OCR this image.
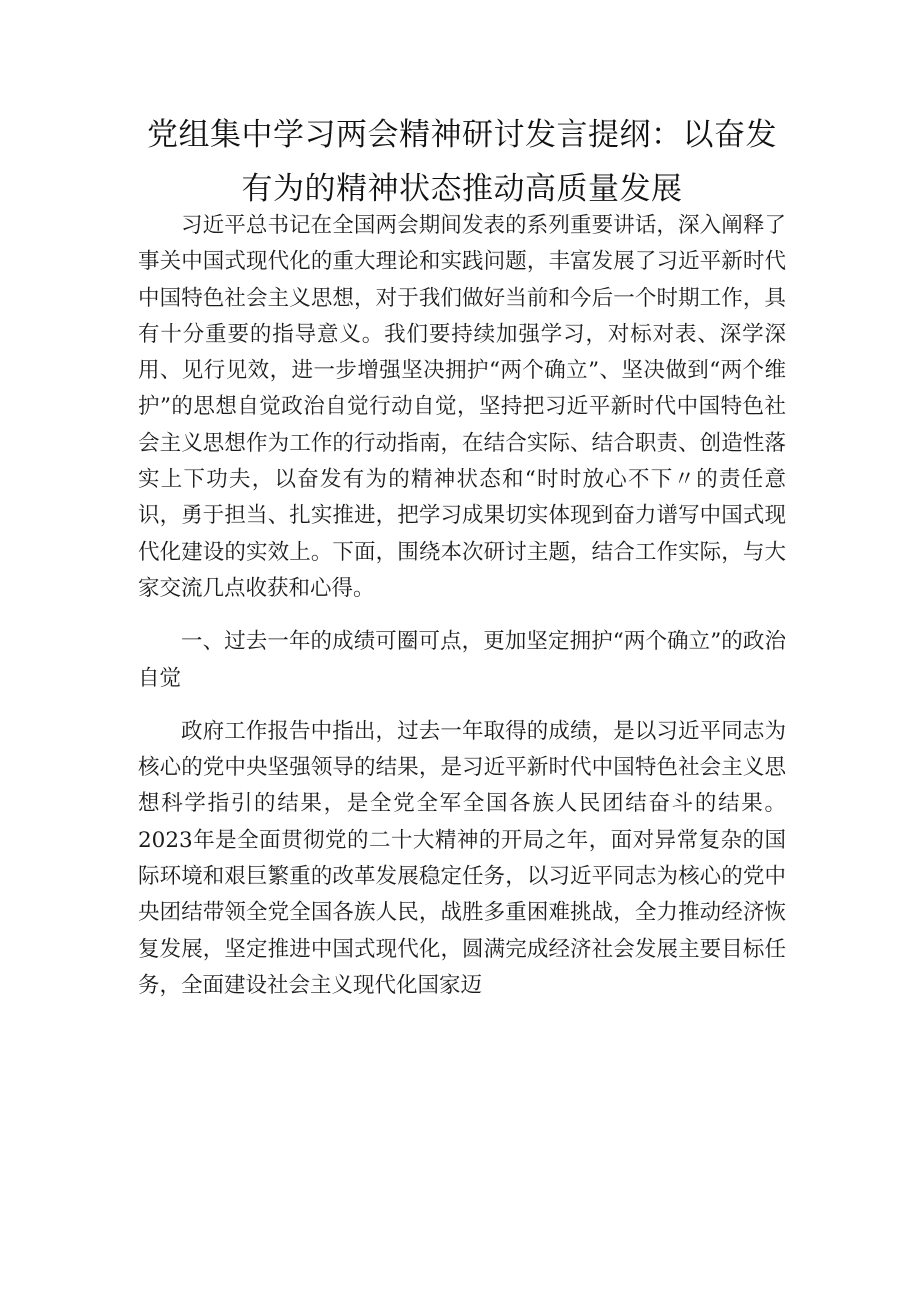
党组集中学习两会精神研讨发言提纲：以奋发有为的精神状态推动高质量发展

习近平总书记在全国两会期间发表的系列重要讲话，深入阐释了事关中国式现代化的重大理论和实践问题，丰富发展了习近平新时代中国特色社会主义思想，对于我们做好当前和今后一个时期工作，具有十分重要的指导意义。我们要持续加强学习，对标对表、深学深用、见行见效，进一步增强坚决拥护“两个确立”、坚决做到“两个维护”的思想自觉政治自觉行动自觉，坚持把习近平新时代中国特色社会主义思想作为工作的行动指南，在结合实际、结合职责、创造性落实上下功夫，以奋发有为的精神状态和“时时放心不下〃的责任意识，勇于担当、扎实推进，把学习成果切实体现到奋力谱写中国式现代化建设的实效上。下面，围绕本次研讨主题，结合工作实际，与大家交流几点收获和心得。

一、过去一年的成绩可圈可点，更加坚定拥护“两个确立”的政治自觉

政府工作报告中指出，过去一年取得的成绩，是以习近平同志为核心的党中央坚强领导的结果，是习近平新时代中国特色社会主义思想科学指引的结果，是全党全军全国各族人民团结奋斗的结果。2023年是全面贯彻党的二十大精神的开局之年，面对异常复杂的国际环境和艰巨繁重的改革发展稳定任务，以习近平同志为核心的党中央团结带领全党全国各族人民，战胜多重困难挑战，全力推动经济恢复发展，坚定推进中国式现代化，圆满完成经济社会发展主要目标任务，全面建设社会主义现代化国家迈
